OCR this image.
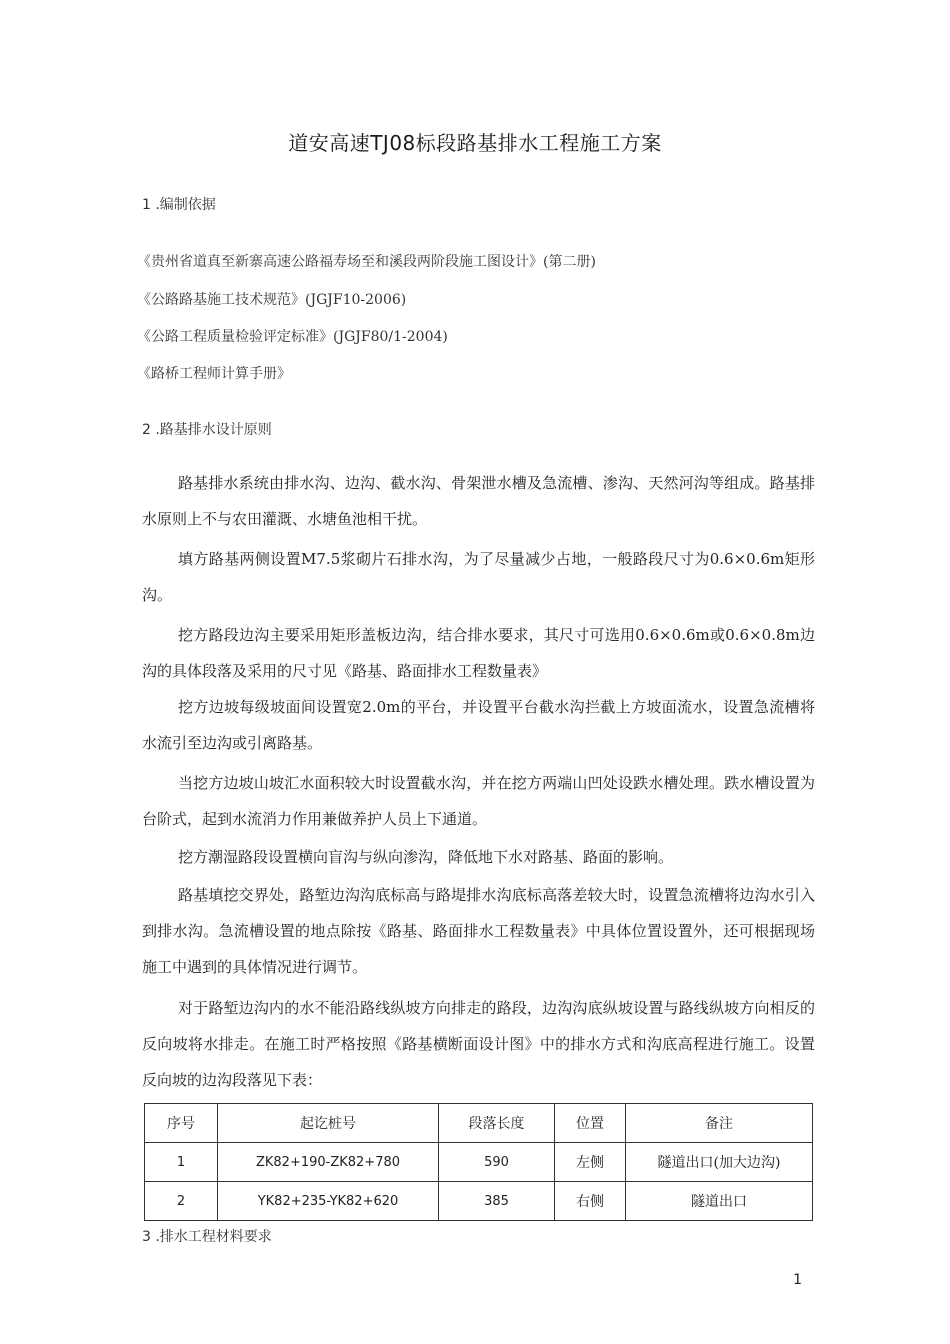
道安高速TJ08标段路基排水工程施工方案
1 .编制依据
《贵州省道真至新寨高速公路福寿场至和溪段两阶段施工图设计》(第二册)
《公路路基施工技术规范》(JGJF10-2006)
《公路工程质量检验评定标准》(JGJF80/1-2004)
《路桥工程师计算手册》
2 .路基排水设计原则
路基排水系统由排水沟、边沟、截水沟、骨架泄水槽及急流槽、渗沟、天然河沟等组成。路基排水原则上不与农田灌溉、水塘鱼池相干扰。
填方路基两侧设置M7.5浆砌片石排水沟，为了尽量减少占地，一般路段尺寸为0.6×0.6m矩形沟。
挖方路段边沟主要采用矩形盖板边沟，结合排水要求，其尺寸可选用0.6×0.6m或0.6×0.8m边沟的具体段落及采用的尺寸见《路基、路面排水工程数量表》
挖方边坡每级坡面间设置宽2.0m的平台，并设置平台截水沟拦截上方坡面流水，设置急流槽将水流引至边沟或引离路基。
当挖方边坡山坡汇水面积较大时设置截水沟，并在挖方两端山凹处设跌水槽处理。跌水槽设置为台阶式，起到水流消力作用兼做养护人员上下通道。
挖方潮湿路段设置横向盲沟与纵向渗沟，降低地下水对路基、路面的影响。
路基填挖交界处，路堑边沟沟底标高与路堤排水沟底标高落差较大时，设置急流槽将边沟水引入到排水沟。急流槽设置的地点除按《路基、路面排水工程数量表》中具体位置设置外，还可根据现场施工中遇到的具体情况进行调节。
对于路堑边沟内的水不能沿路线纵坡方向排走的路段，边沟沟底纵坡设置与路线纵坡方向相反的反向坡将水排走。在施工时严格按照《路基横断面设计图》中的排水方式和沟底高程进行施工。设置反向坡的边沟段落见下表：
序号	起讫桩号	段落长度	位置	备注
1	ZK82+190-ZK82+780	590	左侧	隧道出口(加大边沟)
2	YK82+235-YK82+620	385	右侧	隧道出口
3 .排水工程材料要求
1
